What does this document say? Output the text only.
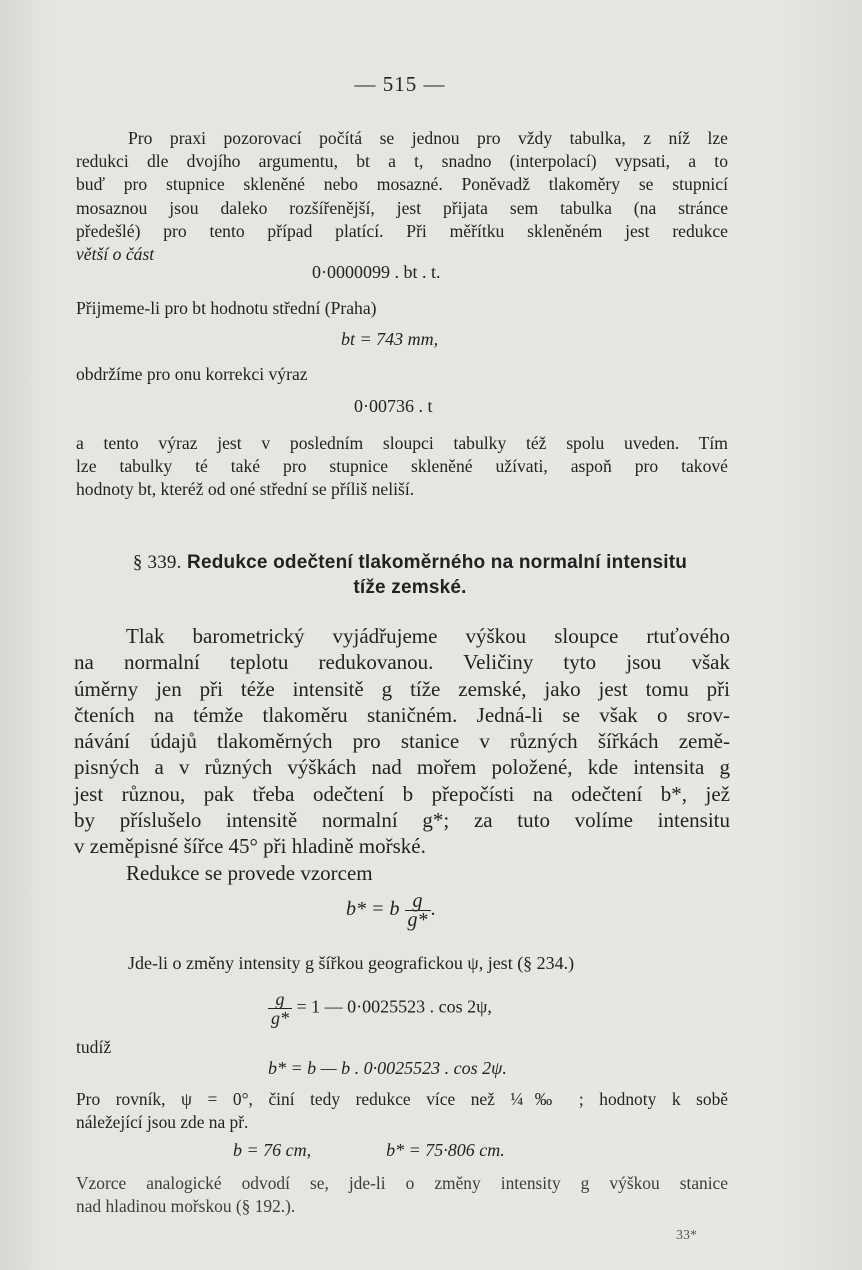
— 515 —
Pro praxi pozorovací počítá se jednou pro vždy tabulka, z níž lze
redukci dle dvojího argumentu, bt a t, snadno (interpolací) vypsati, a to
buď pro stupnice skleněné nebo mosazné. Poněvadž tlakoměry se stupnicí
mosaznou jsou daleko rozšířenější, jest přijata sem tabulka (na stránce
předešlé) pro tento případ platící. Při měřítku skleněném jest redukce
větší o část
0·0000099 . bt . t.
Přijmeme-li pro bt hodnotu střední (Praha)
bt = 743 mm,
obdržíme pro onu korrekci výraz
0·00736 . t
a tento výraz jest v posledním sloupci tabulky též spolu uveden. Tím
lze tabulky té také pro stupnice skleněné užívati, aspoň pro takové
hodnoty bt, kteréž od oné střední se příliš neliší.
§ 339. Redukce odečtení tlakoměrného na normalní intensitu
tíže zemské.
Tlak barometrický vyjádřujeme výškou sloupce rtuťového
na normalní teplotu redukovanou. Veličiny tyto jsou však
úměrny jen při téže intensitě g tíže zemské, jako jest tomu při
čteních na témže tlakoměru staničném. Jedná-li se však o srov-
návání údajů tlakoměrných pro stanice v různých šířkách země-
pisných a v různých výškách nad mořem položené, kde intensita g
jest různou, pak třeba odečtení b přepočísti na odečtení b*, jež
by příslušelo intensitě normalní g*; za tuto volíme intensitu
v zeměpisné šířce 45° při hladině mořské.
Redukce se provede vzorcem
b* = b $\frac{g}{g*}$ .
Jde-li o změny intensity g šířkou geografickou ψ, jest (§ 234.)
$\frac{g}{g*} = 1$ — 0·0025523 . cos 2ψ,
tudíž
b* = b — b . 0·0025523 . cos 2ψ.
Pro rovník, ψ = 0°, činí tedy redukce více než ¼‰ ; hodnoty k sobě
náležející jsou zde na př.
b = 76 cm,	b* = 75·806 cm.
Vzorce analogické odvodí se, jde-li o změny intensity g výškou stanice
nad hladinou mořskou (§ 192.).
33*
